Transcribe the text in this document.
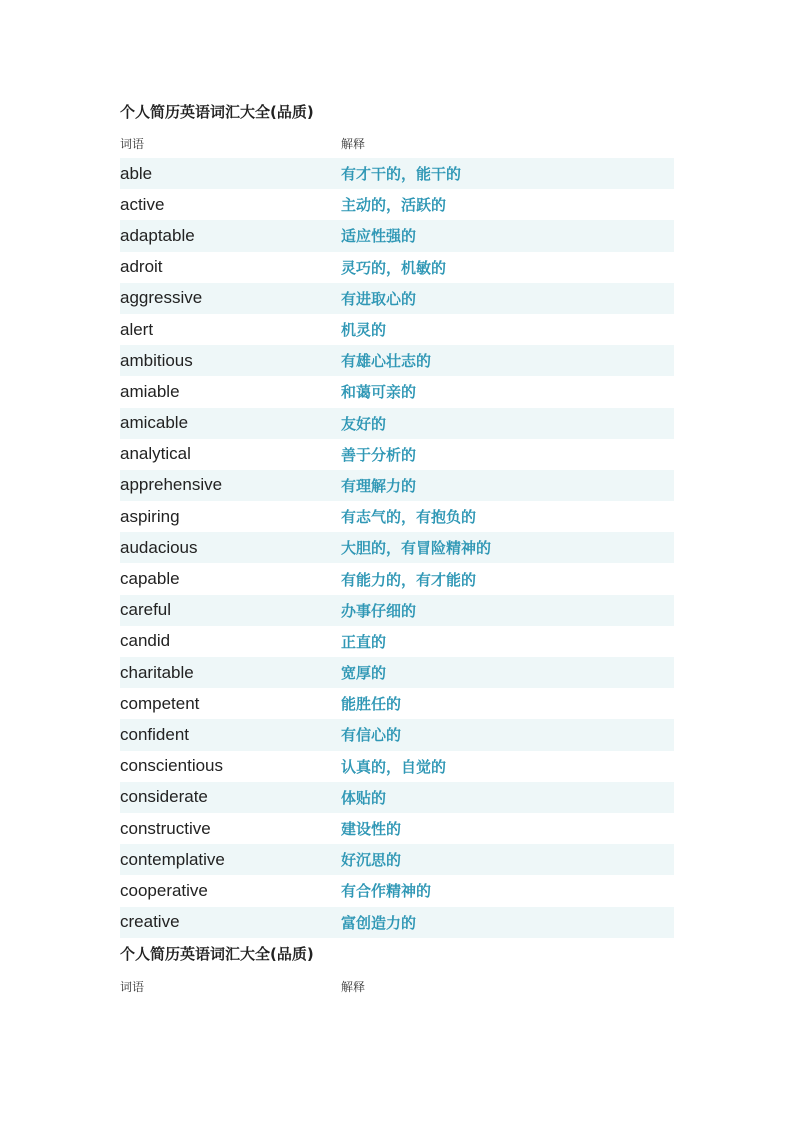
个人简历英语词汇大全(品质)
词语	解释
able	有才干的，能干的
active	主动的，活跃的
adaptable	适应性强的
adroit	灵巧的，机敏的
aggressive	有进取心的
alert	机灵的
ambitious	有雄心壮志的
amiable	和蔼可亲的
amicable	友好的
analytical	善于分析的
apprehensive	有理解力的
aspiring	有志气的，有抱负的
audacious	大胆的，有冒险精神的
capable	有能力的，有才能的
careful	办事仔细的
candid	正直的
charitable	宽厚的
competent	能胜任的
confident	有信心的
conscientious	认真的，自觉的
considerate	体贴的
constructive	建设性的
contemplative	好沉思的
cooperative	有合作精神的
creative	富创造力的
个人简历英语词汇大全(品质)
词语	解释
